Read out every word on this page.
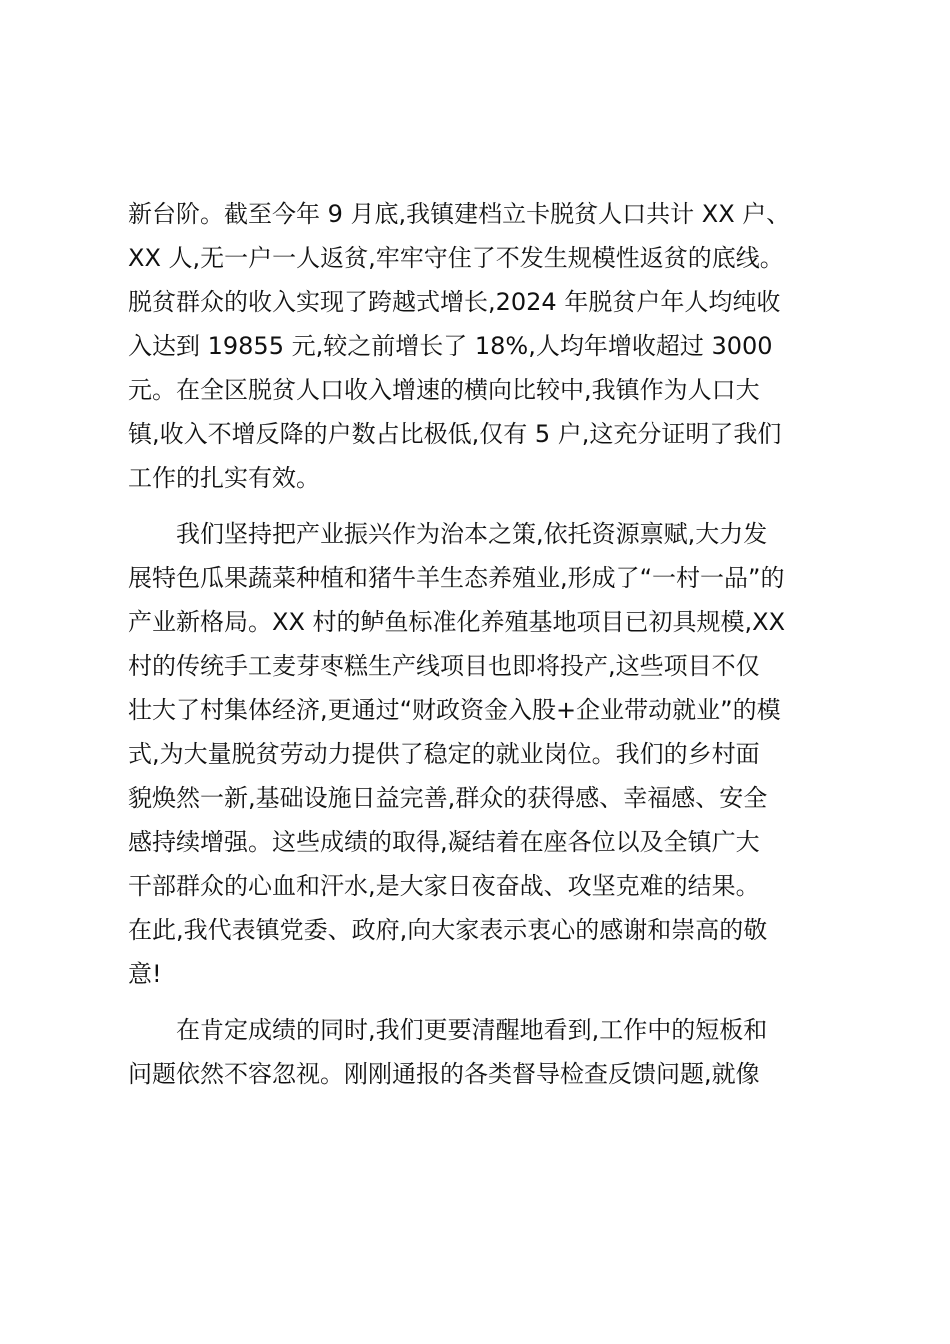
新台阶。截至今年 9 月底,我镇建档立卡脱贫人口共计 XX 户、
XX 人,无一户一人返贫,牢牢守住了不发生规模性返贫的底线。
脱贫群众的收入实现了跨越式增长,2024 年脱贫户年人均纯收
入达到 19855 元,较之前增长了 18%,人均年增收超过 3000
元。在全区脱贫人口收入增速的横向比较中,我镇作为人口大
镇,收入不增反降的户数占比极低,仅有 5 户,这充分证明了我们
工作的扎实有效。
我们坚持把产业振兴作为治本之策,依托资源禀赋,大力发
展特色瓜果蔬菜种植和猪牛羊生态养殖业,形成了“一村一品”的
产业新格局。XX 村的鲈鱼标准化养殖基地项目已初具规模,XX
村的传统手工麦芽枣糕生产线项目也即将投产,这些项目不仅
壮大了村集体经济,更通过“财政资金入股+企业带动就业”的模
式,为大量脱贫劳动力提供了稳定的就业岗位。我们的乡村面
貌焕然一新,基础设施日益完善,群众的获得感、幸福感、安全
感持续增强。这些成绩的取得,凝结着在座各位以及全镇广大
干部群众的心血和汗水,是大家日夜奋战、攻坚克难的结果。
在此,我代表镇党委、政府,向大家表示衷心的感谢和崇高的敬
意!
在肯定成绩的同时,我们更要清醒地看到,工作中的短板和
问题依然不容忽视。刚刚通报的各类督导检查反馈问题,就像
